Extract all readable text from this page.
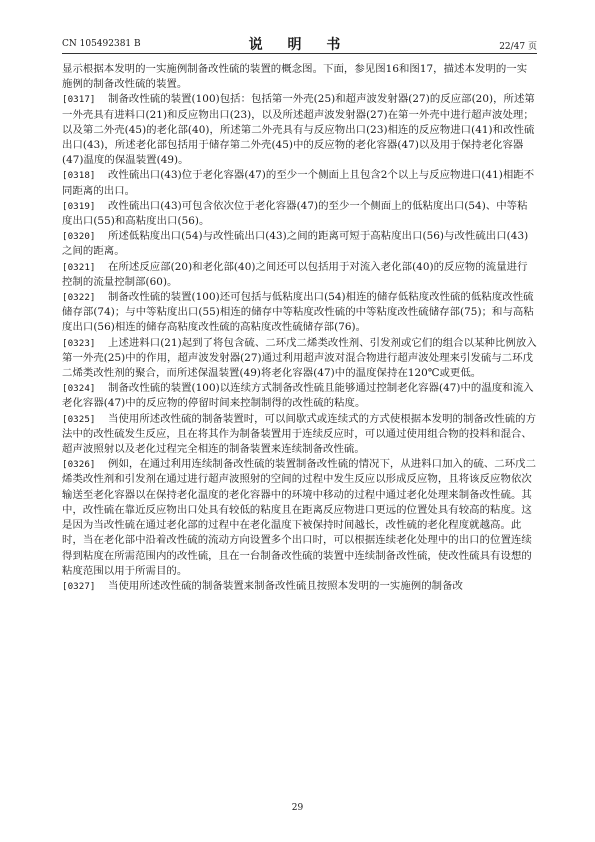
CN 105492381 B	说 明 书	22/47 页

显示根据本发明的一实施例制备改性硫的装置的概念图。下面，参见图16和图17，描述本发明的一实施例的制备改性硫的装置。

[0317] 制备改性硫的装置(100)包括：包括第一外壳(25)和超声波发射器(27)的反应部(20)，所述第一外壳具有进料口(21)和反应物出口(23)，以及所述超声波发射器(27)在第一外壳中进行超声波处理；以及第二外壳(45)的老化部(40)，所述第二外壳具有与反应物出口(23)相连的反应物进口(41)和改性硫出口(43)，所述老化部包括用于储存第二外壳(45)中的反应物的老化容器(47)以及用于保持老化容器(47)温度的保温装置(49)。

[0318] 改性硫出口(43)位于老化容器(47)的至少一个侧面上且包含2个以上与反应物进口(41)相距不同距离的出口。

[0319] 改性硫出口(43)可包含依次位于老化容器(47)的至少一个侧面上的低粘度出口(54)、中等粘度出口(55)和高粘度出口(56)。

[0320] 所述低粘度出口(54)与改性硫出口(43)之间的距离可短于高粘度出口(56)与改性硫出口(43)之间的距离。

[0321] 在所述反应部(20)和老化部(40)之间还可以包括用于对流入老化部(40)的反应物的流量进行控制的流量控制部(60)。

[0322] 制备改性硫的装置(100)还可包括与低粘度出口(54)相连的储存低粘度改性硫的低粘度改性硫储存部(74)；与中等粘度出口(55)相连的储存中等粘度改性硫的中等粘度改性硫储存部(75)；和与高粘度出口(56)相连的储存高粘度改性硫的高粘度改性硫储存部(76)。

[0323] 上述进料口(21)起到了将包含硫、二环戊二烯类改性剂、引发剂或它们的组合以某种比例放入第一外壳(25)中的作用，超声波发射器(27)通过利用超声波对混合物进行超声波处理来引发硫与二环戊二烯类改性剂的聚合，而所述保温装置(49)将老化容器(47)中的温度保持在120℃或更低。

[0324] 制备改性硫的装置(100)以连续方式制备改性硫且能够通过控制老化容器(47)中的温度和流入老化容器(47)中的反应物的停留时间来控制制得的改性硫的粘度。

[0325] 当使用所述改性硫的制备装置时，可以间歇式或连续式的方式使根据本发明的制备改性硫的方法中的改性硫发生反应，且在将其作为制备装置用于连续反应时，可以通过使用组合物的投料和混合、超声波照射以及老化过程完全相连的制备装置来连续制备改性硫。

[0326] 例如，在通过利用连续制备改性硫的装置制备改性硫的情况下，从进料口加入的硫、二环戊二烯类改性剂和引发剂在通过进行超声波照射的空间的过程中发生反应以形成反应物，且将该反应物依次输送至老化容器以在保持老化温度的老化容器中的环境中移动的过程中通过老化处理来制备改性硫。其中，改性硫在靠近反应物出口处具有较低的粘度且在距离反应物进口更远的位置处具有较高的粘度。这是因为当改性硫在通过老化部的过程中在老化温度下被保持时间越长，改性硫的老化程度就越高。此时，当在老化部中沿着改性硫的流动方向设置多个出口时，可以根据连续老化处理中的出口的位置连续得到粘度在所需范围内的改性硫，且在一台制备改性硫的装置中连续制备改性硫，使改性硫具有设想的粘度范围以用于所需目的。

[0327] 当使用所述改性硫的制备装置来制备改性硫且按照本发明的一实施例的制备改

29
